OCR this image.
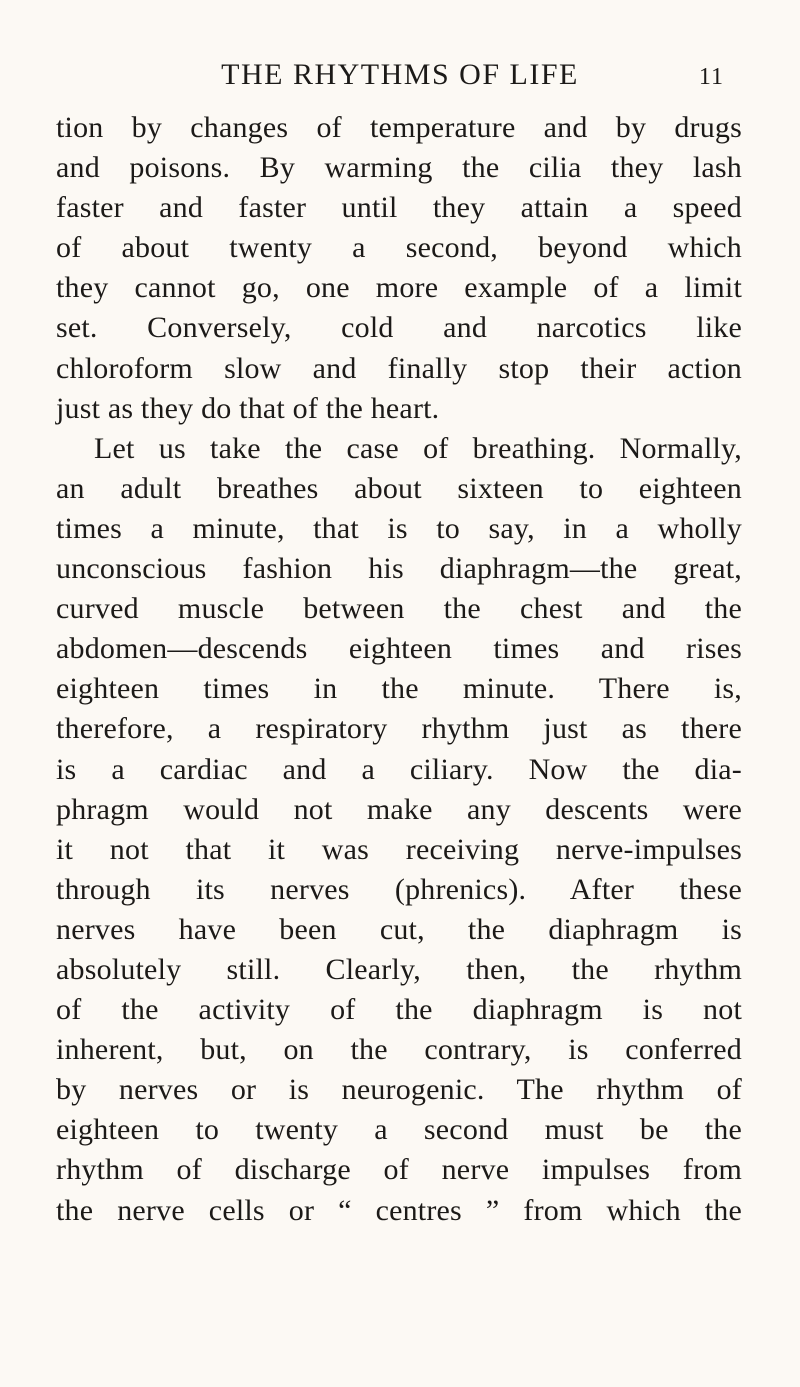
THE RHYTHMS OF LIFE	11
tion by changes of temperature and by drugs
and poisons. By warming the cilia they lash
faster and faster until they attain a speed
of about twenty a second, beyond which
they cannot go, one more example of a limit
set. Conversely, cold and narcotics like
chloroform slow and finally stop their action
just as they do that of the heart.
Let us take the case of breathing. Normally,
an adult breathes about sixteen to eighteen
times a minute, that is to say, in a wholly
unconscious fashion his diaphragm—the great,
curved muscle between the chest and the
abdomen—descends eighteen times and rises
eighteen times in the minute. There is,
therefore, a respiratory rhythm just as there
is a cardiac and a ciliary. Now the dia-
phragm would not make any descents were
it not that it was receiving nerve-impulses
through its nerves (phrenics). After these
nerves have been cut, the diaphragm is
absolutely still. Clearly, then, the rhythm
of the activity of the diaphragm is not
inherent, but, on the contrary, is conferred
by nerves or is neurogenic. The rhythm of
eighteen to twenty a second must be the
rhythm of discharge of nerve impulses from
the nerve cells or “ centres ” from which the
